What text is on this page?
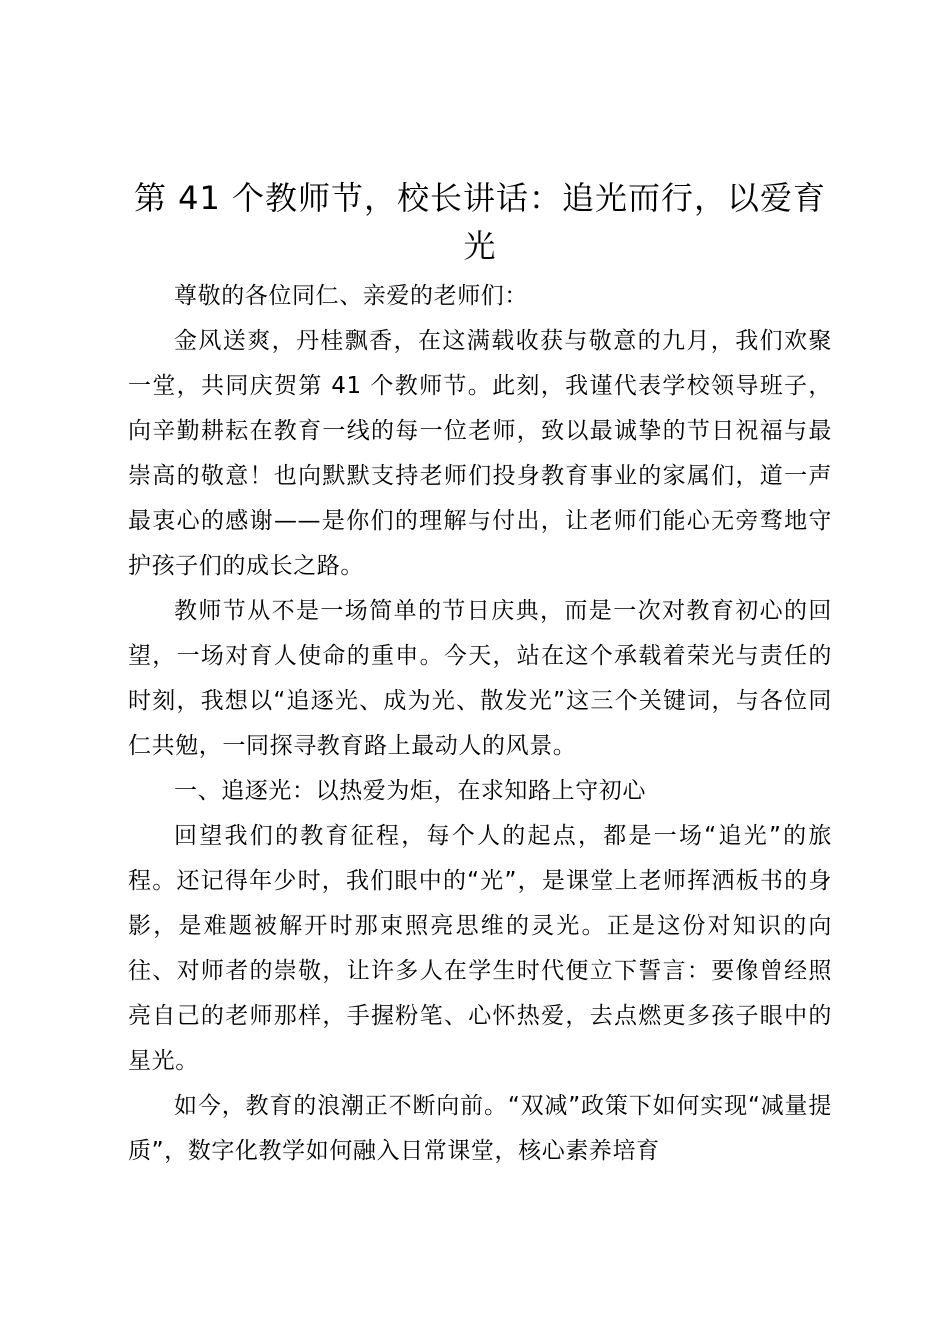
第 41 个教师节，校长讲话：追光而行，以爱育光

尊敬的各位同仁、亲爱的老师们：

金风送爽，丹桂飘香，在这满载收获与敬意的九月，我们欢聚一堂，共同庆贺第 41 个教师节。此刻，我谨代表学校领导班子，向辛勤耕耘在教育一线的每一位老师，致以最诚挚的节日祝福与最崇高的敬意！也向默默支持老师们投身教育事业的家属们，道一声最衷心的感谢——是你们的理解与付出，让老师们能心无旁骛地守护孩子们的成长之路。

教师节从不是一场简单的节日庆典，而是一次对教育初心的回望，一场对育人使命的重申。今天，站在这个承载着荣光与责任的时刻，我想以“追逐光、成为光、散发光”这三个关键词，与各位同仁共勉，一同探寻教育路上最动人的风景。

一、追逐光：以热爱为炬，在求知路上守初心

回望我们的教育征程，每个人的起点，都是一场“追光”的旅程。还记得年少时，我们眼中的“光”，是课堂上老师挥洒板书的身影，是难题被解开时那束照亮思维的灵光。正是这份对知识的向往、对师者的崇敬，让许多人在学生时代便立下誓言：要像曾经照亮自己的老师那样，手握粉笔、心怀热爱，去点燃更多孩子眼中的星光。

如今，教育的浪潮正不断向前。“双减”政策下如何实现“减量提质”，数字化教学如何融入日常课堂，核心素养培育
